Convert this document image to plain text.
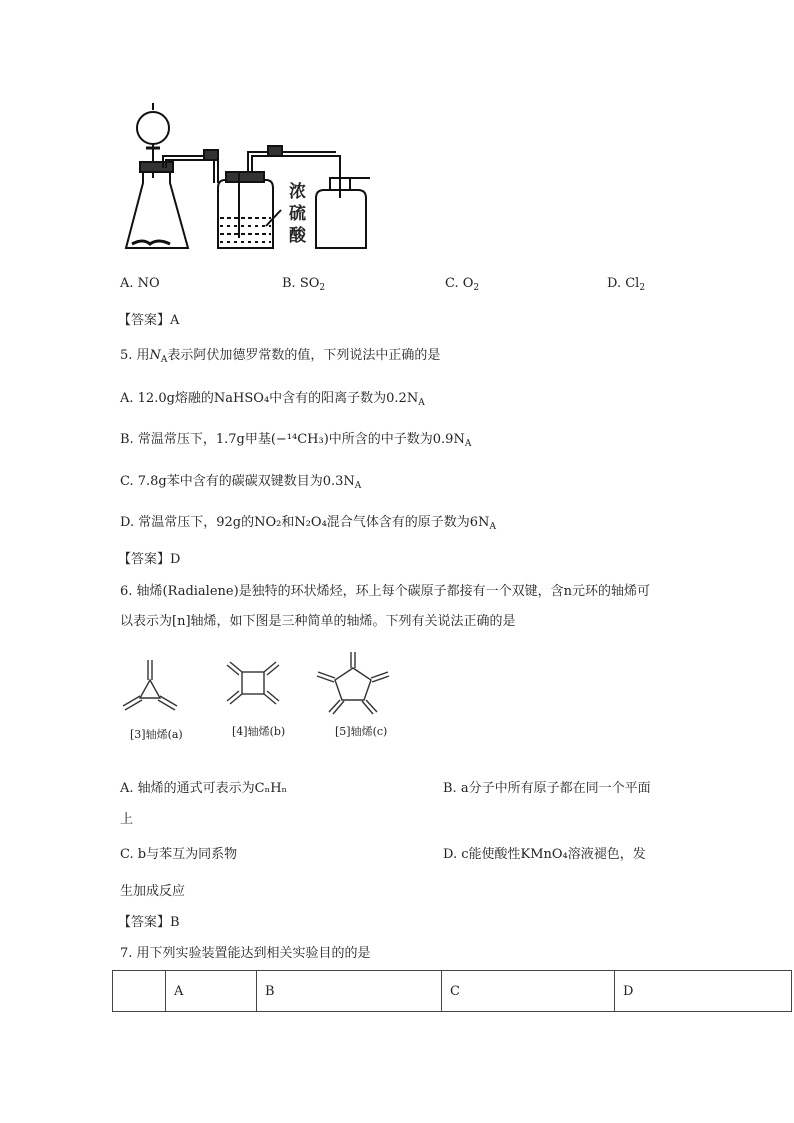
浓
硫
酸
A. NO	B. $SO_2$	C. $O_2$	D. $Cl_2$
【答案】A
5. 用$N_A$表示阿伏加德罗常数的值，下列说法中正确的是
A. 12.0g熔融的NaHSO₄中含有的阳离子数为$0.2N_A$
B. 常温常压下，1.7g甲基(−¹⁴CH₃)中所含的中子数为$0.9N_A$
C. 7.8g苯中含有的碳碳双键数目为$0.3N_A$
D. 常温常压下，92g的NO₂和N₂O₄混合气体含有的原子数为$6N_A$
【答案】D
6. 轴烯(Radialene)是独特的环状烯烃，环上每个碳原子都接有一个双键，含n元环的轴烯可
以表示为[n]轴烯，如下图是三种简单的轴烯。下列有关说法正确的是
[3]轴烯(a)	[4]轴烯(b)	[5]轴烯(c)
A. 轴烯的通式可表示为CₙHₙ	B. a分子中所有原子都在同一个平面
上
C. b与苯互为同系物	D. c能使酸性KMnO₄溶液褪色，发
生加成反应
【答案】B
7. 用下列实验装置能达到相关实验目的的是
	A	B	C	D
